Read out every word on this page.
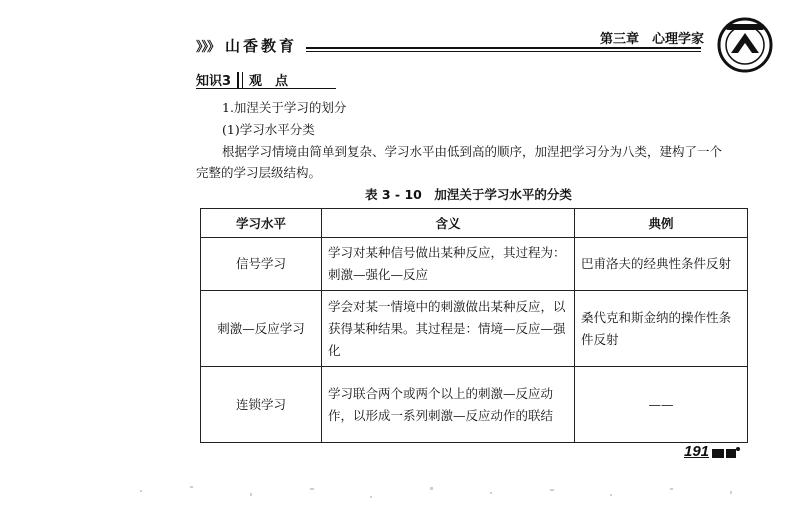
》》》 山香教育	第三章　心理学家
知识3	观　点
1.加涅关于学习的划分
(1)学习水平分类
根据学习情境由简单到复杂、学习水平由低到高的顺序，加涅把学习分为八类，建构了一个
完整的学习层级结构。
表 3 - 10　加涅关于学习水平的分类
学习水平	含义	典例
信号学习	学习对某种信号做出某种反应，其过程为：刺激—强化—反应	巴甫洛夫的经典性条件反射
刺激—反应学习	学会对某一情境中的刺激做出某种反应，以获得某种结果。其过程是：情境—反应—强化	桑代克和斯金纳的操作性条件反射
连锁学习	学习联合两个或两个以上的刺激—反应动作，以形成一系列刺激—反应动作的联结	——
191
